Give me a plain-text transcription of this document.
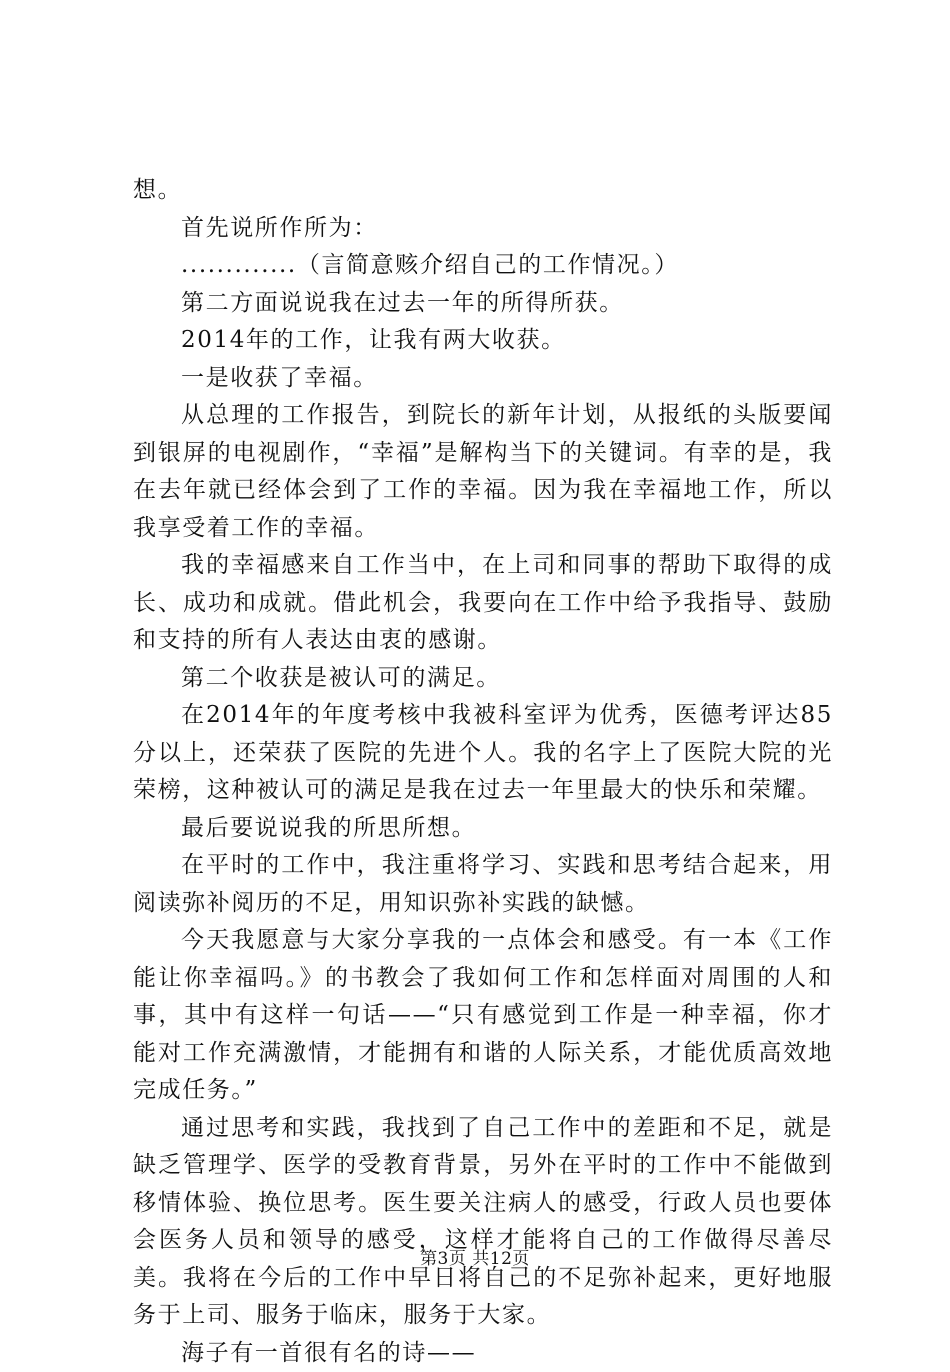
想。

首先说所作所为：

.............（言简意赅介绍自己的工作情况。）

第二方面说说我在过去一年的所得所获。

2014年的工作，让我有两大收获。

一是收获了幸福。

从总理的工作报告，到院长的新年计划，从报纸的头版要闻到银屏的电视剧作，“幸福”是解构当下的关键词。有幸的是，我在去年就已经体会到了工作的幸福。因为我在幸福地工作，所以我享受着工作的幸福。

我的幸福感来自工作当中，在上司和同事的帮助下取得的成长、成功和成就。借此机会，我要向在工作中给予我指导、鼓励和支持的所有人表达由衷的感谢。

第二个收获是被认可的满足。

在2014年的年度考核中我被科室评为优秀，医德考评达85分以上，还荣获了医院的先进个人。我的名字上了医院大院的光荣榜，这种被认可的满足是我在过去一年里最大的快乐和荣耀。

最后要说说我的所思所想。

在平时的工作中，我注重将学习、实践和思考结合起来，用阅读弥补阅历的不足，用知识弥补实践的缺憾。

今天我愿意与大家分享我的一点体会和感受。有一本《工作能让你幸福吗。》的书教会了我如何工作和怎样面对周围的人和事，其中有这样一句话——“只有感觉到工作是一种幸福，你才能对工作充满激情，才能拥有和谐的人际关系，才能优质高效地完成任务。”

通过思考和实践，我找到了自己工作中的差距和不足，就是缺乏管理学、医学的受教育背景，另外在平时的工作中不能做到移情体验、换位思考。医生要关注病人的感受，行政人员也要体会医务人员和领导的感受，这样才能将自己的工作做得尽善尽美。我将在今后的工作中早日将自己的不足弥补起来，更好地服务于上司、服务于临床，服务于大家。

海子有一首很有名的诗——

第3页 共12页
